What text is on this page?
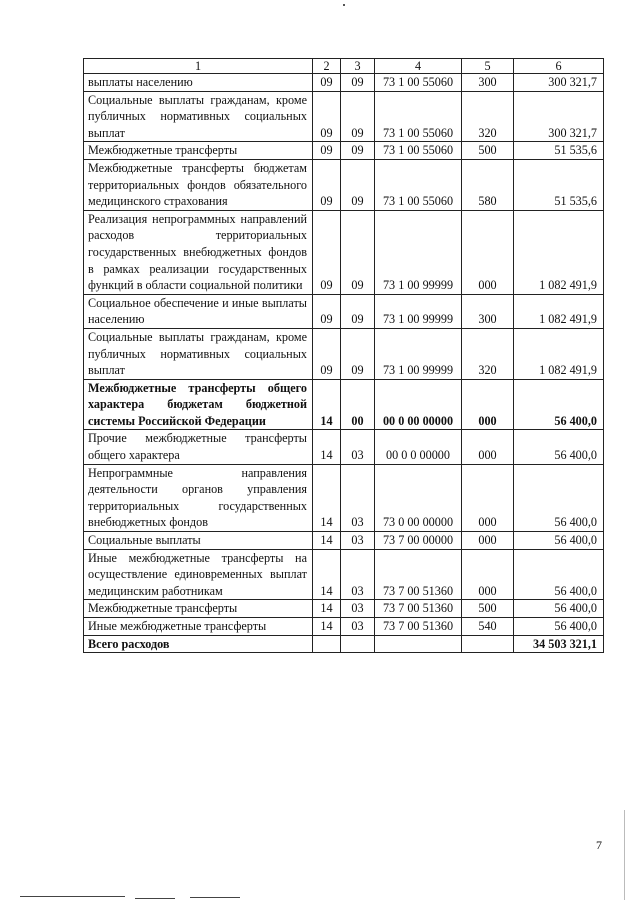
1	2	3	4	5	6
выплаты населению	09	09	73 1 00 55060	300	300 321,7
Социальные выплаты гражданам, кроме публичных нормативных социальных выплат	09	09	73 1 00 55060	320	300 321,7
Межбюджетные трансферты	09	09	73 1 00 55060	500	51 535,6
Межбюджетные трансферты бюджетам территориальных фондов обязательного медицинского страхования	09	09	73 1 00 55060	580	51 535,6
Реализация непрограммных направлений расходов территориальных государственных внебюджетных фондов в рамках реализации государственных функций в области социальной политики	09	09	73 1 00 99999	000	1 082 491,9
Социальное обеспечение и иные выплаты населению	09	09	73 1 00 99999	300	1 082 491,9
Социальные выплаты гражданам, кроме публичных нормативных социальных выплат	09	09	73 1 00 99999	320	1 082 491,9
Межбюджетные трансферты общего характера бюджетам бюджетной системы Российской Федерации	14	00	00 0 00 00000	000	56 400,0
Прочие межбюджетные трансферты общего характера	14	03	00 0 0 00000	000	56 400,0
Непрограммные направления деятельности органов управления территориальных государственных внебюджетных фондов	14	03	73 0 00 00000	000	56 400,0
Социальные выплаты	14	03	73 7 00 00000	000	56 400,0
Иные межбюджетные трансферты на осуществление единовременных выплат медицинским работникам	14	03	73 7 00 51360	000	56 400,0
Межбюджетные трансферты	14	03	73 7 00 51360	500	56 400,0
Иные межбюджетные трансферты	14	03	73 7 00 51360	540	56 400,0
Всего расходов					34 503 321,1
7
